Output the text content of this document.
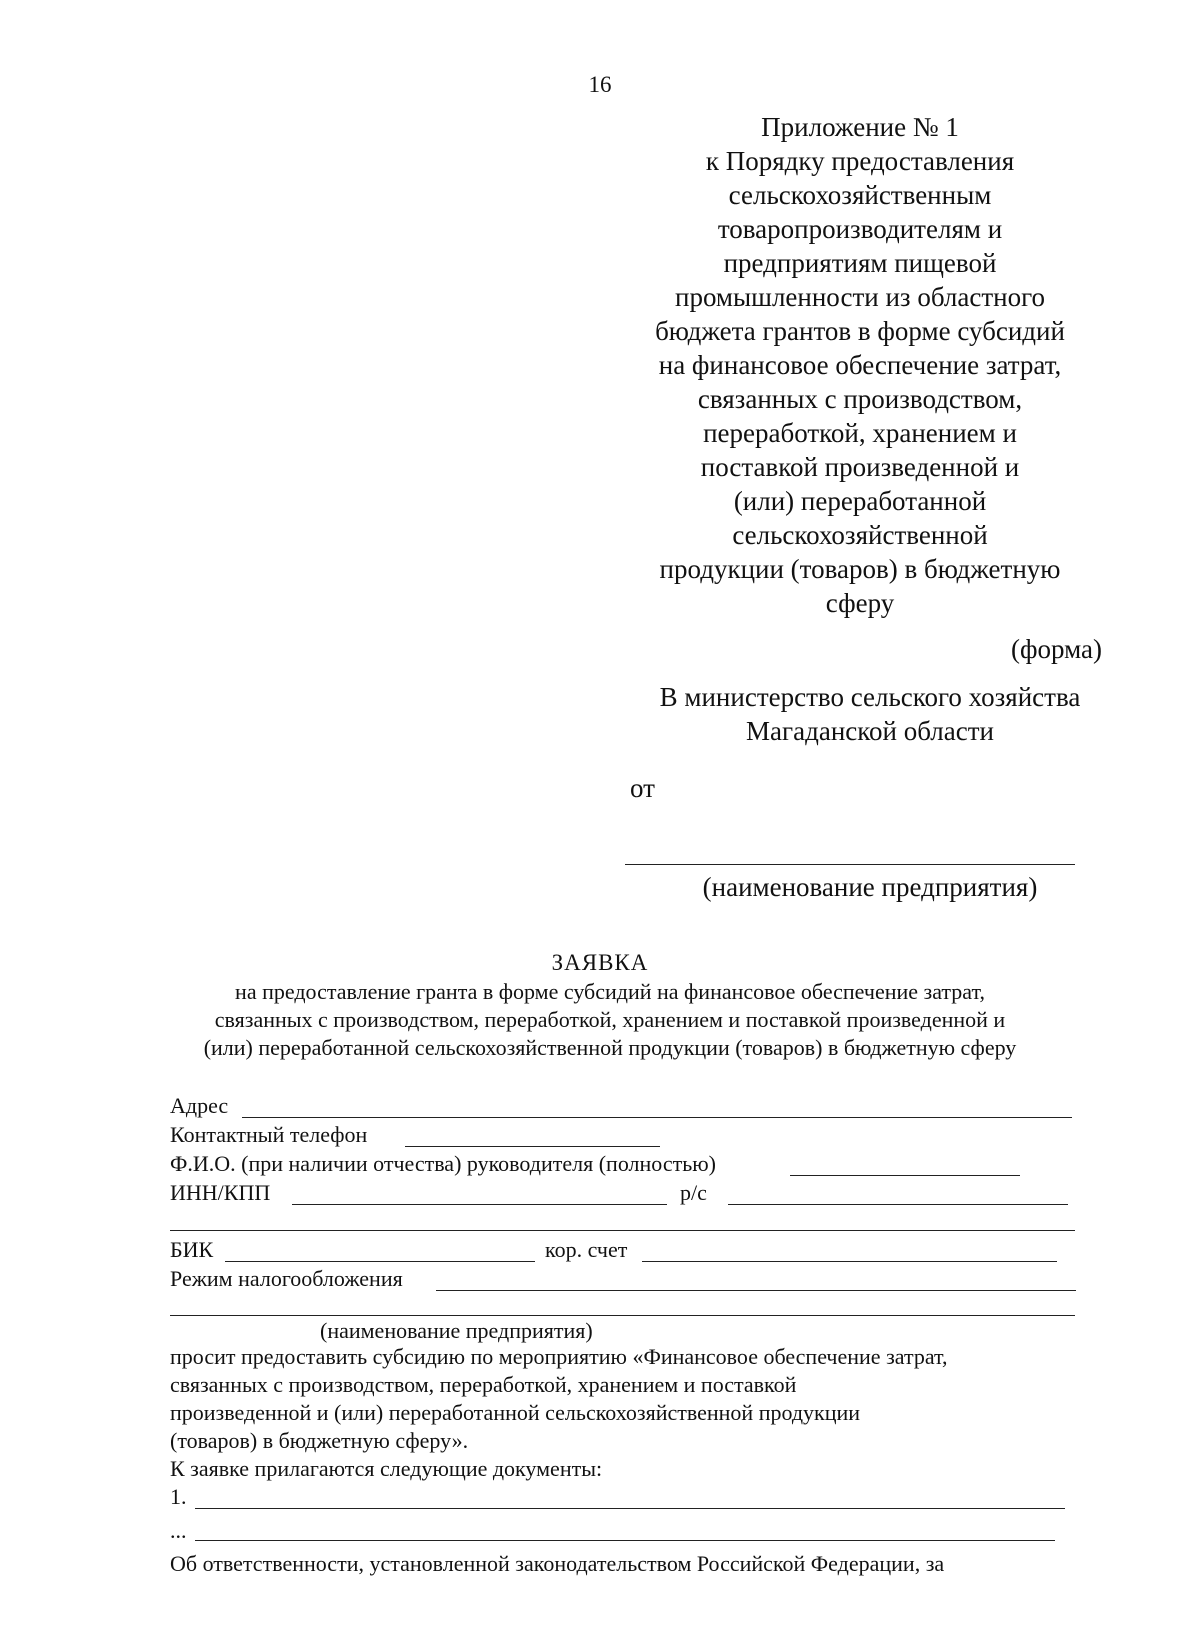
16
Приложение № 1
к Порядку предоставления
сельскохозяйственным
товаропроизводителям и
предприятиям пищевой
промышленности из областного
бюджета грантов в форме субсидий
на финансовое обеспечение затрат,
связанных с производством,
переработкой, хранением и
поставкой произведенной и
(или) переработанной
сельскохозяйственной
продукции (товаров) в бюджетную
сферу
(форма)
В министерство сельского хозяйства
Магаданской области
от
(наименование предприятия)
ЗАЯВКА
на предоставление гранта в форме субсидий на финансовое обеспечение затрат,
связанных с производством, переработкой, хранением и поставкой произведенной и
(или) переработанной сельскохозяйственной продукции (товаров) в бюджетную сферу
Адрес
Контактный телефон
Ф.И.О. (при наличии отчества) руководителя (полностью)
ИНН/КПП	р/с
БИК	кор. счет
Режим налогообложения
(наименование предприятия)
просит предоставить субсидию по мероприятию «Финансовое обеспечение затрат,
связанных с производством, переработкой, хранением и поставкой
произведенной и (или) переработанной сельскохозяйственной продукции
(товаров) в бюджетную сферу».
К заявке прилагаются следующие документы:
1.
...
Об ответственности, установленной законодательством Российской Федерации, за
